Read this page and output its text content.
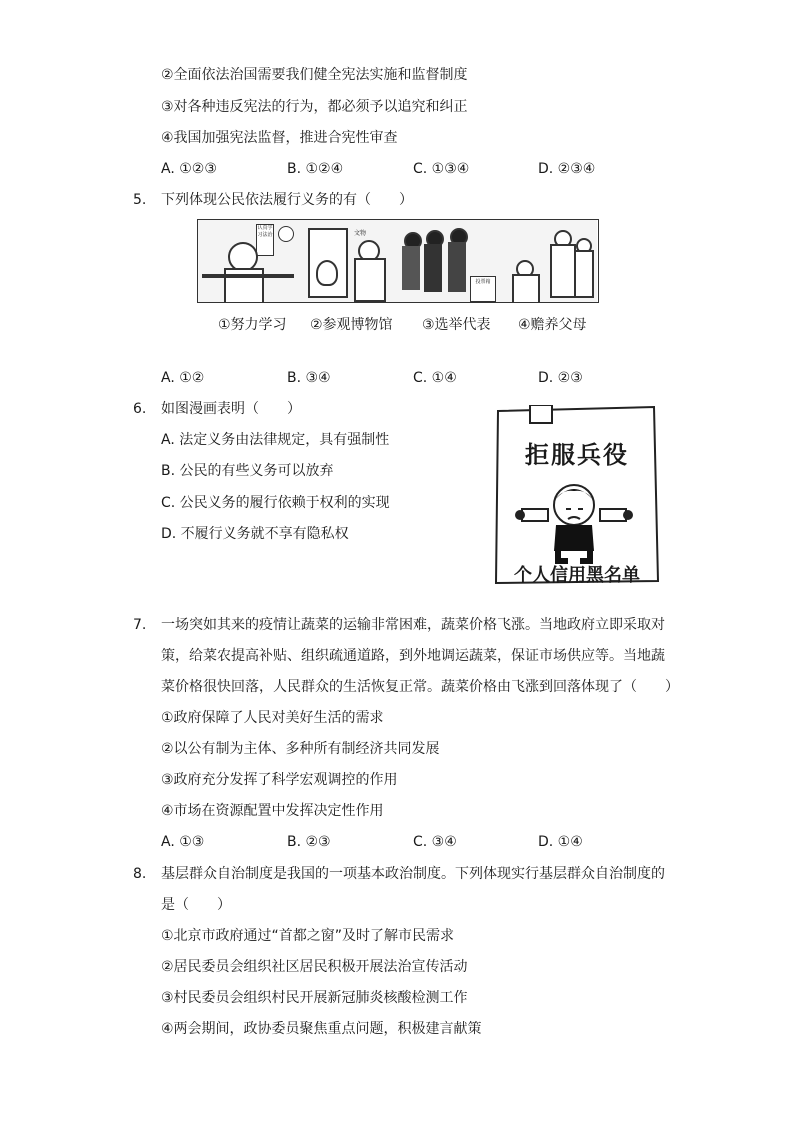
②全面依法治国需要我们健全宪法实施和监督制度
③对各种违反宪法的行为，都必须予以追究和纠正
④我国加强宪法监督，推进合宪性审查
A. ①②③	B. ①②④	C. ①③④	D. ②③④
5. 下列体现公民依法履行义务的有（　　）
认真学习法治	文物
投票箱
①努力学习 ②参观博物馆 ③选举代表 ④赡养父母
A. ①②	B. ③④	C. ①④	D. ②③
6. 如图漫画表明（　　）
A. 法定义务由法律规定，具有强制性
B. 公民的有些义务可以放弃
C. 公民义务的履行依赖于权利的实现
D. 不履行义务就不享有隐私权
拒服兵役
个人信用黑名单
7. 一场突如其来的疫情让蔬菜的运输非常困难，蔬菜价格飞涨。当地政府立即采取对
策，给菜农提高补贴、组织疏通道路，到外地调运蔬菜，保证市场供应等。当地蔬
菜价格很快回落，人民群众的生活恢复正常。蔬菜价格由飞涨到回落体现了（　　）
①政府保障了人民对美好生活的需求
②以公有制为主体、多种所有制经济共同发展
③政府充分发挥了科学宏观调控的作用
④市场在资源配置中发挥决定性作用
A. ①③	B. ②③	C. ③④	D. ①④
8. 基层群众自治制度是我国的一项基本政治制度。下列体现实行基层群众自治制度的
是（　　）
①北京市政府通过“首都之窗”及时了解市民需求
②居民委员会组织社区居民积极开展法治宣传活动
③村民委员会组织村民开展新冠肺炎核酸检测工作
④两会期间，政协委员聚焦重点问题，积极建言献策
